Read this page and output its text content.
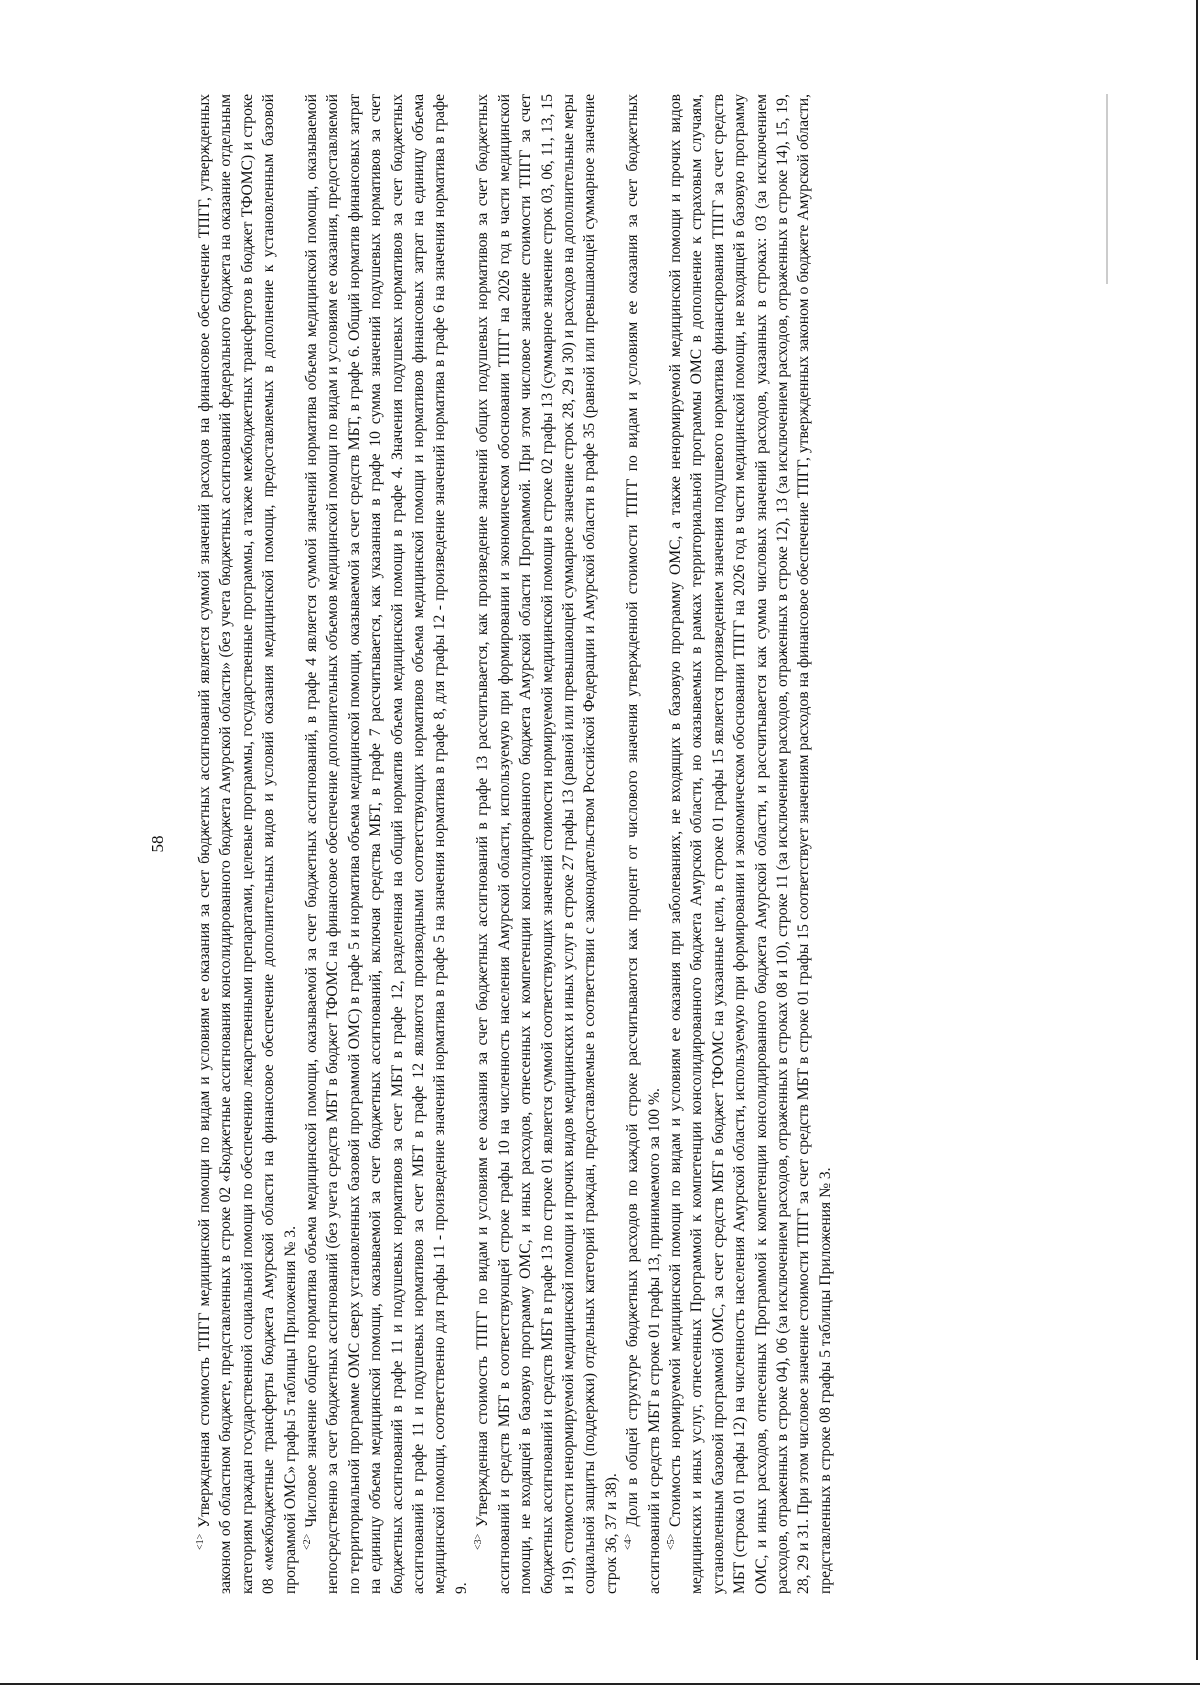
58

$^{<1>}$ Утвержденная стоимость ТПГГ медицинской помощи по видам и условиям ее оказания за счет бюджетных ассигнований является суммой значений расходов на финансовое обеспечение ТПГГ, утвержденных законом об областном бюджете, представленных в строке 02 «Бюджетные ассигнования консолидированного бюджета Амурской области» (без учета бюджетных ассигнований федерального бюджета на оказание отдельным категориям граждан государственной социальной помощи по обеспечению лекарственными препаратами, целевые программы, государственные программы, а также межбюджетных трансфертов в бюджет ТФОМС) и строке 08 «межбюджетные трансферты бюджета Амурской области на финансовое обеспечение дополнительных видов и условий оказания медицинской помощи, предоставляемых в дополнение к установленным базовой программой ОМС» графы 5 таблицы Приложения № 3. $^{<2>}$ Числовое значение общего норматива объема медицинской помощи, оказываемой за счет бюджетных ассигнований, в графе 4 является суммой значений норматива объема медицинской помощи, оказываемой непосредственно за счет бюджетных ассигнований (без учета средств МБТ в бюджет ТФОМС на финансовое обеспечение дополнительных объемов медицинской помощи по видам и условиям ее оказания, предоставляемой по территориальной программе ОМС сверх установленных базовой программой ОМС) в графе 5 и норматива объема медицинской помощи, оказываемой за счет средств МБТ, в графе 6. Общий норматив финансовых затрат на единицу объема медицинской помощи, оказываемой за счет бюджетных ассигнований, включая средства МБТ, в графе 7 рассчитывается, как указанная в графе 10 сумма значений подушевых нормативов за счет бюджетных ассигнований в графе 11 и подушевых нормативов за счет МБТ в графе 12, разделенная на общий норматив объема медицинской помощи в графе 4. Значения подушевых нормативов за счет бюджетных ассигнований в графе 11 и подушевых нормативов за счет МБТ в графе 12 являются производными соответствующих нормативов объема медицинской помощи и нормативов финансовых затрат на единицу объема медицинской помощи, соответственно для графы 11 - произведение значений норматива в графе 5 на значения норматива в графе 8, для графы 12 - произведение значений норматива в графе 6 на значения норматива в графе 9.

$^{<3>}$ Утвержденная стоимость ТПГГ по видам и условиям ее оказания за счет бюджетных ассигнований в графе 13 рассчитывается, как произведение значений общих подушевых нормативов за счет бюджетных ассигнований и средств МБТ в соответствующей строке графы 10 на численность населения Амурской области, используемую при формировании и экономическом обосновании ТПГГ на 2026 год в части медицинской помощи, не входящей в базовую программу ОМС, и иных расходов, отнесенных к компетенции консолидированного бюджета Амурской области Программой. При этом числовое значение стоимости ТПГГ за счет бюджетных ассигнований и средств МБТ в графе 13 по строке 01 является суммой соответствующих значений стоимости нормируемой медицинской помощи в строке 02 графы 13 (суммарное значение строк 03, 06, 11, 13, 15 и 19), стоимости ненормируемой медицинской помощи и прочих видов медицинских и иных услуг в строке 27 графы 13 (равной или превышающей суммарное значение строк 28, 29 и 30) и расходов на дополнительные меры социальной защиты (поддержки) отдельных категорий граждан, предоставляемые в соответствии с законодательством Российской Федерации и Амурской области в графе 35 (равной или превышающей суммарное значение строк 36, 37 и 38). $^{<4>}$ Доли в общей структуре бюджетных расходов по каждой строке рассчитываются как процент от числового значения утвержденной стоимости ТПГГ по видам и условиям ее оказания за счет бюджетных ассигнований и средств МБТ в строке 01 графы 13, принимаемого за 100 %. $^{<5>}$ Стоимость нормируемой медицинской помощи по видам и условиям ее оказания при заболеваниях, не входящих в базовую программу ОМС, а также ненормируемой медицинской помощи и прочих видов медицинских и иных услуг, отнесенных Программой к компетенции консолидированного бюджета Амурской области, но оказываемых в рамках территориальной программы ОМС в дополнение к страховым случаям, установленным базовой программой ОМС, за счет средств МБТ в бюджет ТФОМС на указанные цели, в строке 01 графы 15 является произведением значения подушевого норматива финансирования ТПГГ за счет средств МБТ (строка 01 графы 12) на численность населения Амурской области, используемую при формировании и экономическом обосновании ТПГГ на 2026 год в части медицинской помощи, не входящей в базовую программу ОМС, и иных расходов, отнесенных Программой к компетенции консолидированного бюджета Амурской области, и рассчитывается как сумма числовых значений расходов, указанных в строках: 03 (за исключением расходов, отраженных в строке 04), 06 (за исключением расходов, отраженных в строках 08 и 10), строке 11 (за исключением расходов, отраженных в строке 12), 13 (за исключением расходов, отраженных в строке 14), 15, 19, 28, 29 и 31. При этом числовое значение стоимости ТПГГ за счет средств МБТ в строке 01 графы 15 соответствует значениям расходов на финансовое обеспечение ТПГГ, утвержденных законом о бюджете Амурской области, представленных в строке 08 графы 5 таблицы Приложения № 3.
